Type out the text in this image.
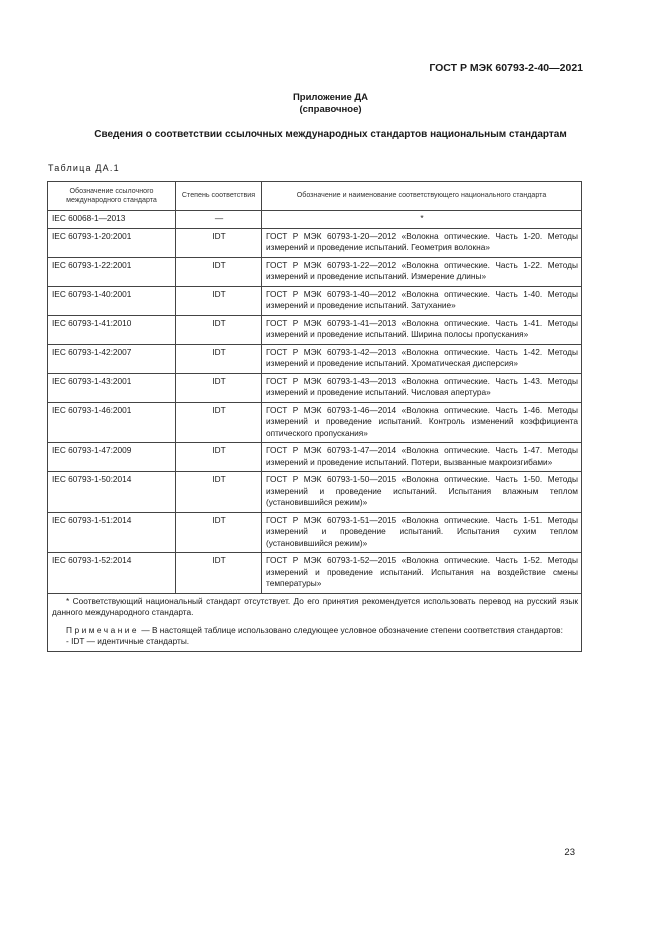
ГОСТ Р МЭК 60793-2-40—2021
Приложение ДА
(справочное)
Сведения о соответствии ссылочных международных стандартов национальным стандартам
Таблица ДА.1
Обозначение ссылочного международного стандарта	Степень соответствия	Обозначение и наименование соответствующего национального стандарта
IEC 60068-1—2013	—	*
IEC 60793-1-20:2001	IDT	ГОСТ Р МЭК 60793-1-20—2012 «Волокна оптические. Часть 1-20. Методы измерений и проведение испытаний. Геометрия волокна»
IEC 60793-1-22:2001	IDT	ГОСТ Р МЭК 60793-1-22—2012 «Волокна оптические. Часть 1-22. Методы измерений и проведение испытаний. Измерение длины»
IEC 60793-1-40:2001	IDT	ГОСТ Р МЭК 60793-1-40—2012 «Волокна оптические. Часть 1-40. Методы измерений и проведение испытаний. Затухание»
IEC 60793-1-41:2010	IDT	ГОСТ Р МЭК 60793-1-41—2013 «Волокна оптические. Часть 1-41. Методы измерений и проведение испытаний. Ширина полосы пропускания»
IEC 60793-1-42:2007	IDT	ГОСТ Р МЭК 60793-1-42—2013 «Волокна оптические. Часть 1-42. Методы измерений и проведение испытаний. Хроматическая дисперсия»
IEC 60793-1-43:2001	IDT	ГОСТ Р МЭК 60793-1-43—2013 «Волокна оптические. Часть 1-43. Методы измерений и проведение испытаний. Числовая апертура»
IEC 60793-1-46:2001	IDT	ГОСТ Р МЭК 60793-1-46—2014 «Волокна оптические. Часть 1-46. Методы измерений и проведение испытаний. Контроль изменений коэффициента оптического пропускания»
IEC 60793-1-47:2009	IDT	ГОСТ Р МЭК 60793-1-47—2014 «Волокна оптические. Часть 1-47. Методы измерений и проведение испытаний. Потери, вызванные макроизгибами»
IEC 60793-1-50:2014	IDT	ГОСТ Р МЭК 60793-1-50—2015 «Волокна оптические. Часть 1-50. Методы измерений и проведение испытаний. Испытания влажным теплом (установившийся режим)»
IEC 60793-1-51:2014	IDT	ГОСТ Р МЭК 60793-1-51—2015 «Волокна оптические. Часть 1-51. Методы измерений и проведение испытаний. Испытания сухим теплом (установившийся режим)»
IEC 60793-1-52:2014	IDT	ГОСТ Р МЭК 60793-1-52—2015 «Волокна оптические. Часть 1-52. Методы измерений и проведение испытаний. Испытания на воздействие смены температуры»

* Соответствующий национальный стандарт отсутствует. До его принятия рекомендуется использовать перевод на русский язык данного международного стандарта.

Примечание — В настоящей таблице использовано следующее условное обозначение степени соответствия стандартов:

- IDT — идентичные стандарты.		

23
